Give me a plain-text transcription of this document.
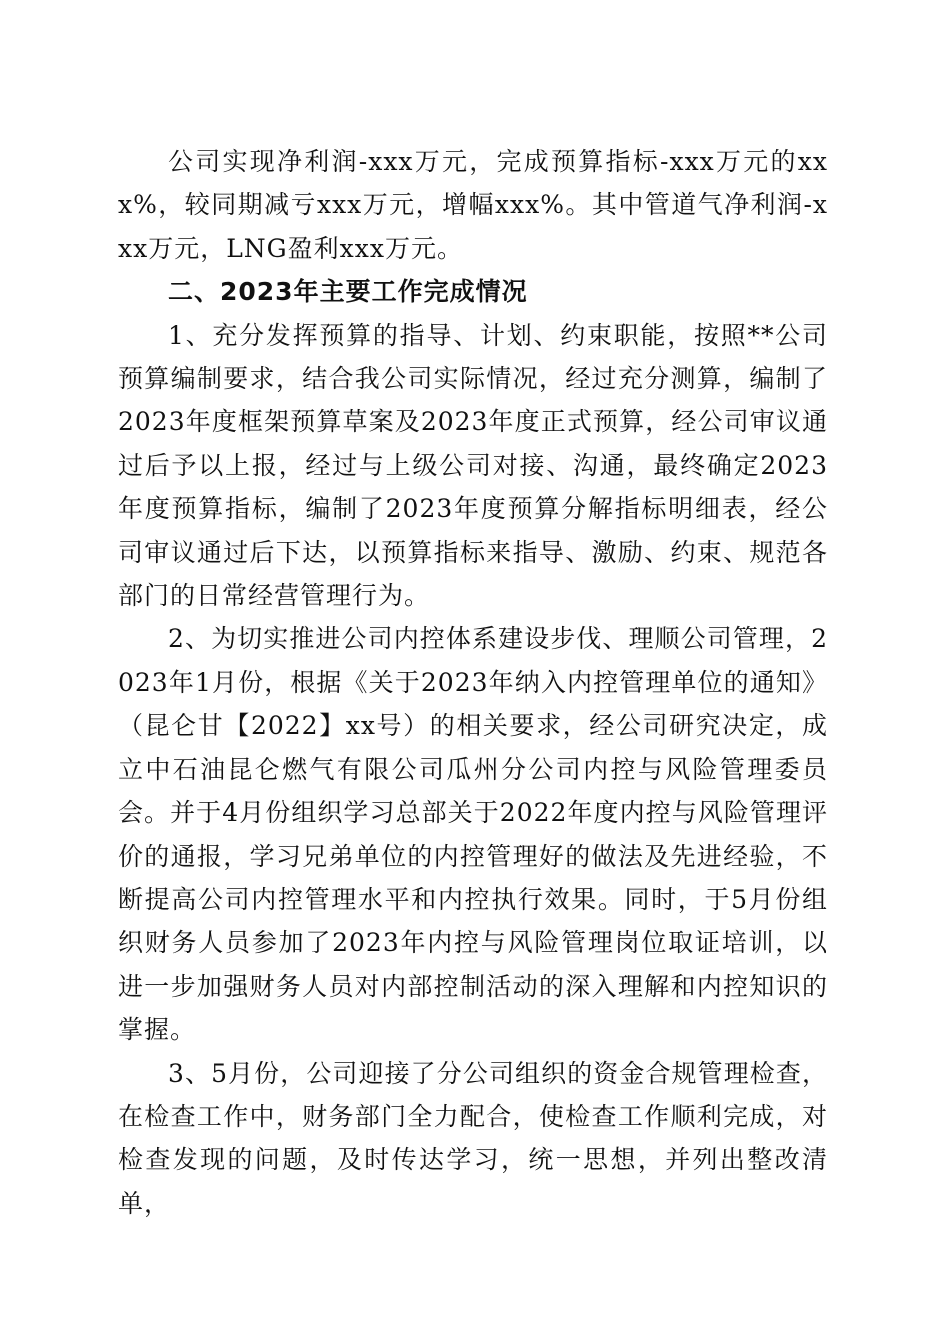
公司实现净利润-xxx万元，完成预算指标-xxx万元的xxx%，较同期减亏xxx万元，增幅xxx%。其中管道气净利润-xxx万元，LNG盈利xxx万元。

二、2023年主要工作完成情况

1、充分发挥预算的指导、计划、约束职能，按照**公司预算编制要求，结合我公司实际情况，经过充分测算，编制了2023年度框架预算草案及2023年度正式预算，经公司审议通过后予以上报，经过与上级公司对接、沟通，最终确定2023年度预算指标，编制了2023年度预算分解指标明细表，经公司审议通过后下达，以预算指标来指导、激励、约束、规范各部门的日常经营管理行为。

2、为切实推进公司内控体系建设步伐、理顺公司管理，2023年1月份，根据《关于2023年纳入内控管理单位的通知》（昆仑甘【2022】xx号）的相关要求，经公司研究决定，成立中石油昆仑燃气有限公司瓜州分公司内控与风险管理委员会。并于4月份组织学习总部关于2022年度内控与风险管理评价的通报，学习兄弟单位的内控管理好的做法及先进经验，不断提高公司内控管理水平和内控执行效果。同时，于5月份组织财务人员参加了2023年内控与风险管理岗位取证培训，以进一步加强财务人员对内部控制活动的深入理解和内控知识的掌握。

3、5月份，公司迎接了分公司组织的资金合规管理检查，在检查工作中，财务部门全力配合，使检查工作顺利完成，对检查发现的问题，及时传达学习，统一思想，并列出整改清单，
